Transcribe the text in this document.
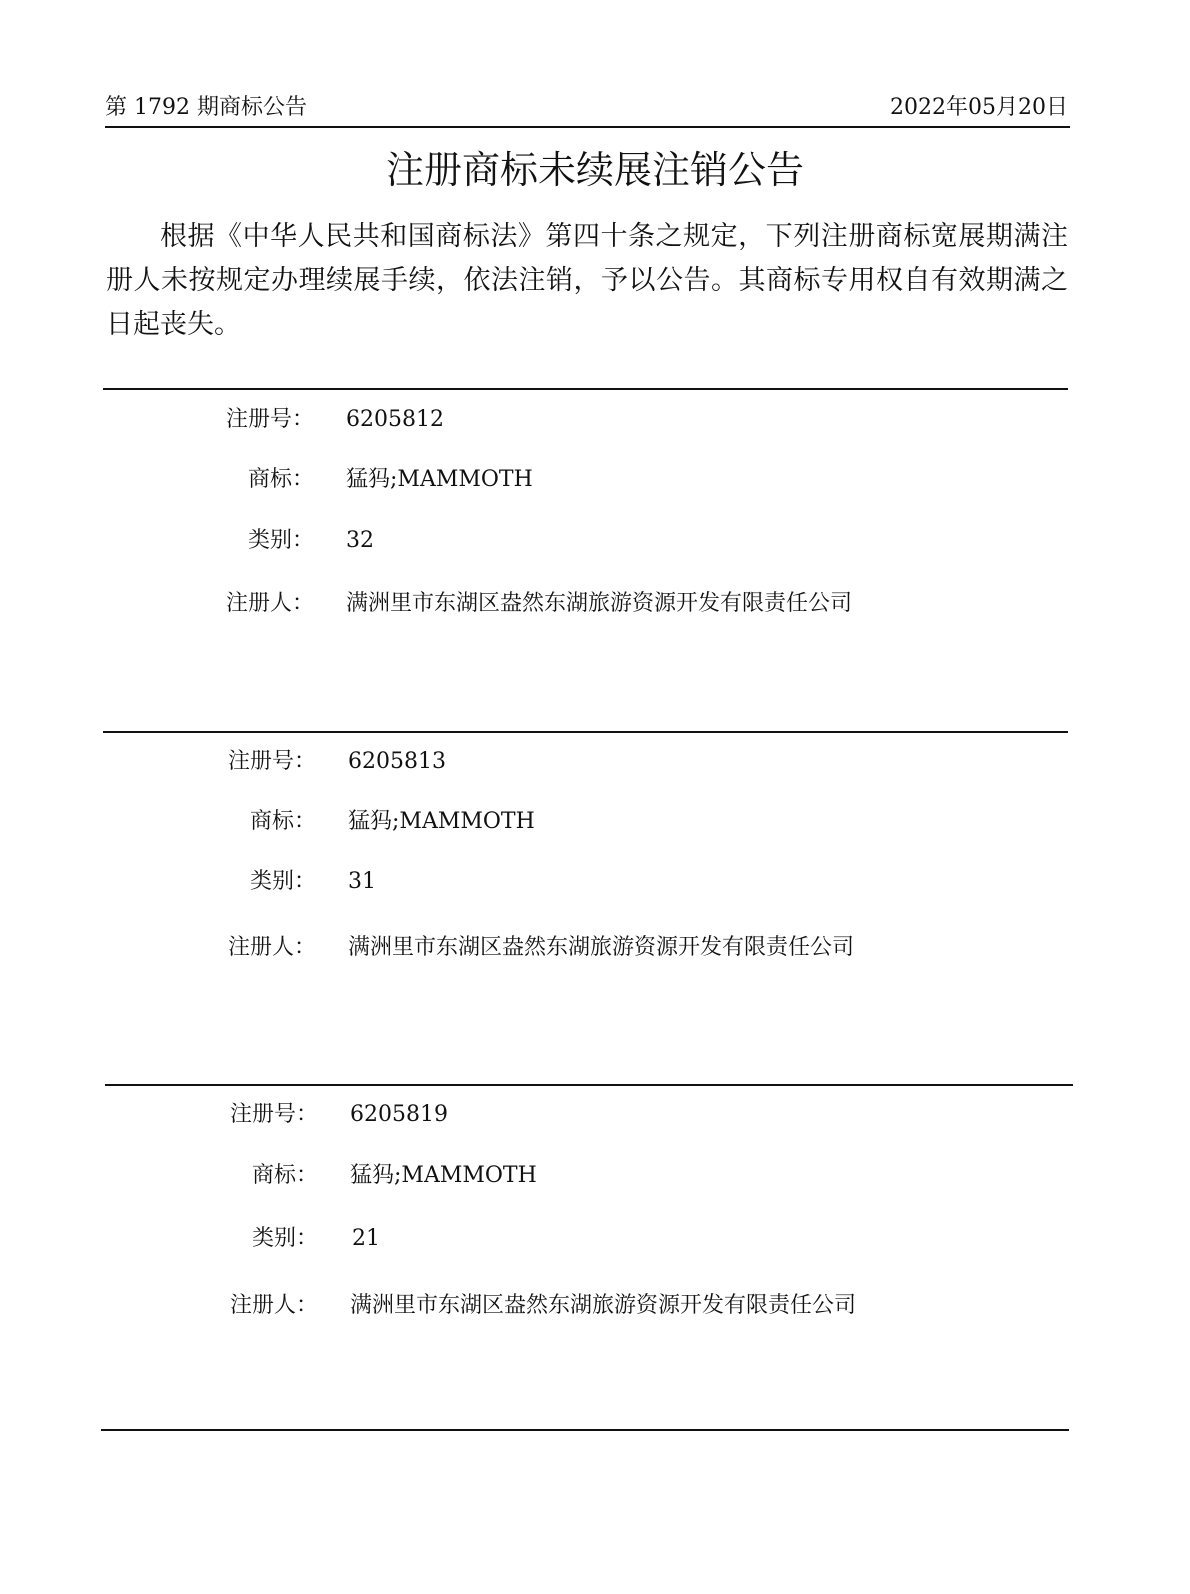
第 1792 期商标公告	2022年05月20日
注册商标未续展注销公告
根据《中华人民共和国商标法》第四十条之规定，下列注册商标宽展期满注册人未按规定办理续展手续，依法注销，予以公告。其商标专用权自有效期满之日起丧失。
注册号： 6205812
商标： 猛犸;MAMMOTH
类别： 32
注册人： 满洲里市东湖区盎然东湖旅游资源开发有限责任公司
注册号： 6205813
商标： 猛犸;MAMMOTH
类别： 31
注册人： 满洲里市东湖区盎然东湖旅游资源开发有限责任公司
注册号： 6205819
商标： 猛犸;MAMMOTH
类别： 21
注册人： 满洲里市东湖区盎然东湖旅游资源开发有限责任公司
